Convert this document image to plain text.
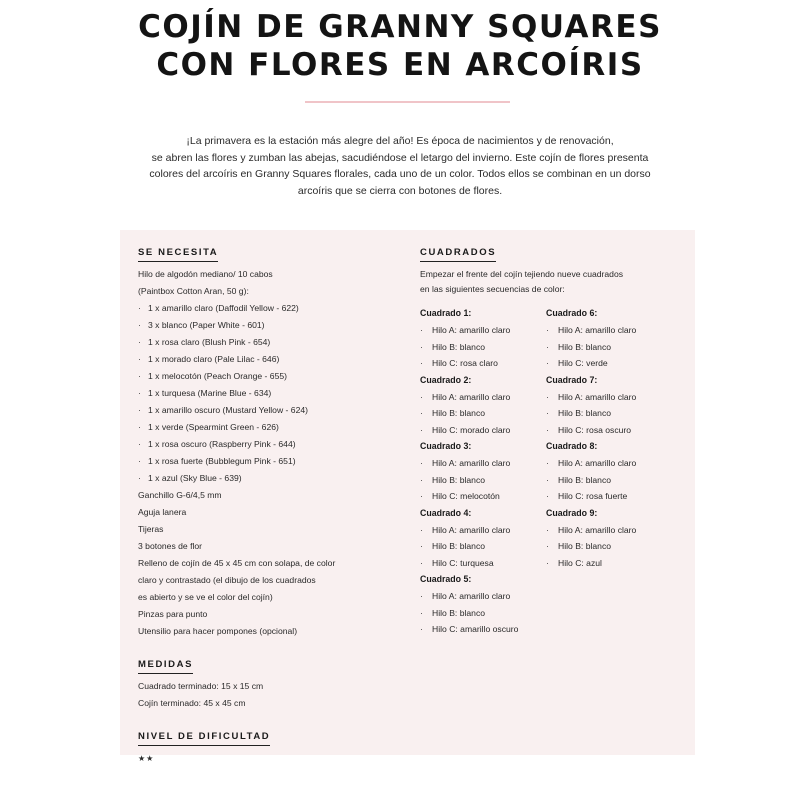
COJÍN DE GRANNY SQUARES
CON FLORES EN ARCOÍRIS
¡La primavera es la estación más alegre del año! Es época de nacimientos y de renovación,
se abren las flores y zumban las abejas, sacudiéndose el letargo del invierno. Este cojín de flores presenta
colores del arcoíris en Granny Squares florales, cada uno de un color. Todos ellos se combinan en un dorso
arcoíris que se cierra con botones de flores.
SE NECESITA
Hilo de algodón mediano/ 10 cabos
(Paintbox Cotton Aran, 50 g):
· 1 x amarillo claro (Daffodil Yellow - 622)
· 3 x blanco (Paper White - 601)
· 1 x rosa claro (Blush Pink - 654)
· 1 x morado claro (Pale Lilac - 646)
· 1 x melocotón (Peach Orange - 655)
· 1 x turquesa (Marine Blue - 634)
· 1 x amarillo oscuro (Mustard Yellow - 624)
· 1 x verde (Spearmint Green - 626)
· 1 x rosa oscuro (Raspberry Pink - 644)
· 1 x rosa fuerte (Bubblegum Pink - 651)
· 1 x azul (Sky Blue - 639)
Ganchillo G-6/4,5 mm
Aguja lanera
Tijeras
3 botones de flor
Relleno de cojín de 45 x 45 cm con solapa, de color
claro y contrastado (el dibujo de los cuadrados
es abierto y se ve el color del cojín)
Pinzas para punto
Utensilio para hacer pompones (opcional)
MEDIDAS
Cuadrado terminado: 15 x 15 cm
Cojín terminado: 45 x 45 cm
NIVEL DE DIFICULTAD
★★
CUADRADOS
Empezar el frente del cojín tejiendo nueve cuadrados
en las siguientes secuencias de color:
Cuadrado 1:
· Hilo A: amarillo claro
· Hilo B: blanco
· Hilo C: rosa claro
Cuadrado 2:
· Hilo A: amarillo claro
· Hilo B: blanco
· Hilo C: morado claro
Cuadrado 3:
· Hilo A: amarillo claro
· Hilo B: blanco
· Hilo C: melocotón
Cuadrado 4:
· Hilo A: amarillo claro
· Hilo B: blanco
· Hilo C: turquesa
Cuadrado 5:
· Hilo A: amarillo claro
· Hilo B: blanco
· Hilo C: amarillo oscuro
Cuadrado 6:
· Hilo A: amarillo claro
· Hilo B: blanco
· Hilo C: verde
Cuadrado 7:
· Hilo A: amarillo claro
· Hilo B: blanco
· Hilo C: rosa oscuro
Cuadrado 8:
· Hilo A: amarillo claro
· Hilo B: blanco
· Hilo C: rosa fuerte
Cuadrado 9:
· Hilo A: amarillo claro
· Hilo B: blanco
· Hilo C: azul
